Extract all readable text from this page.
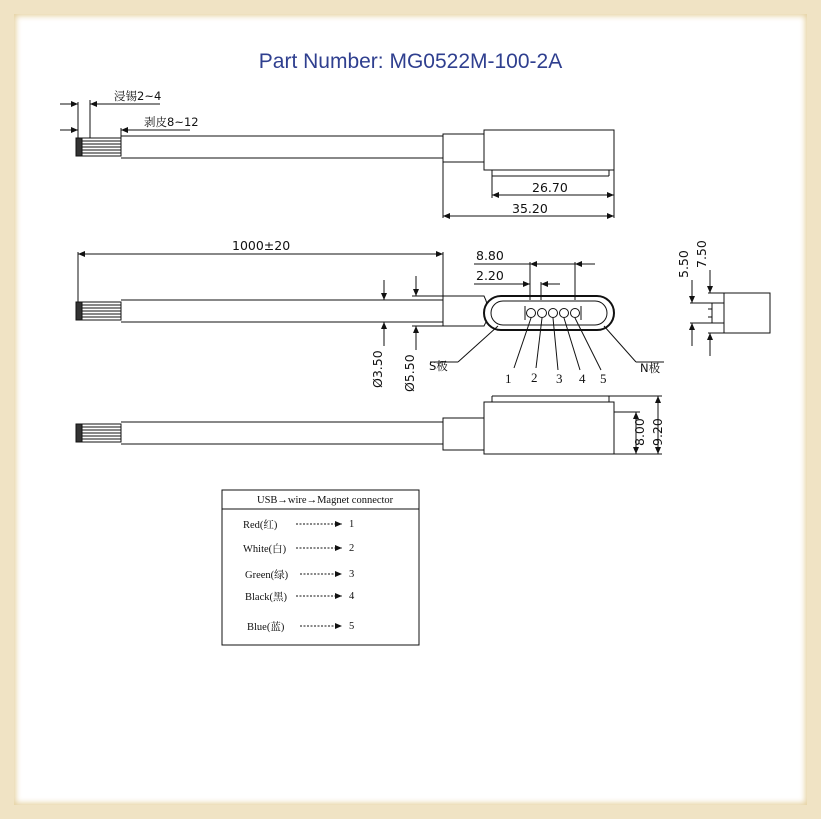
Part Number: MG0522M-100-2A
浸锡2~4
剥皮8~12
26.70
35.20
1000±20
8.80
2.20
Ø3.50 Ø5.50 S极	N极
1 2 3 4 5
5.50 7.50
8.00 9.20
USB→wire→Magnet connector
Red(红)	1
White(白)	2
Green(绿)	3
Black(黑)	4
Blue(蓝)	5
